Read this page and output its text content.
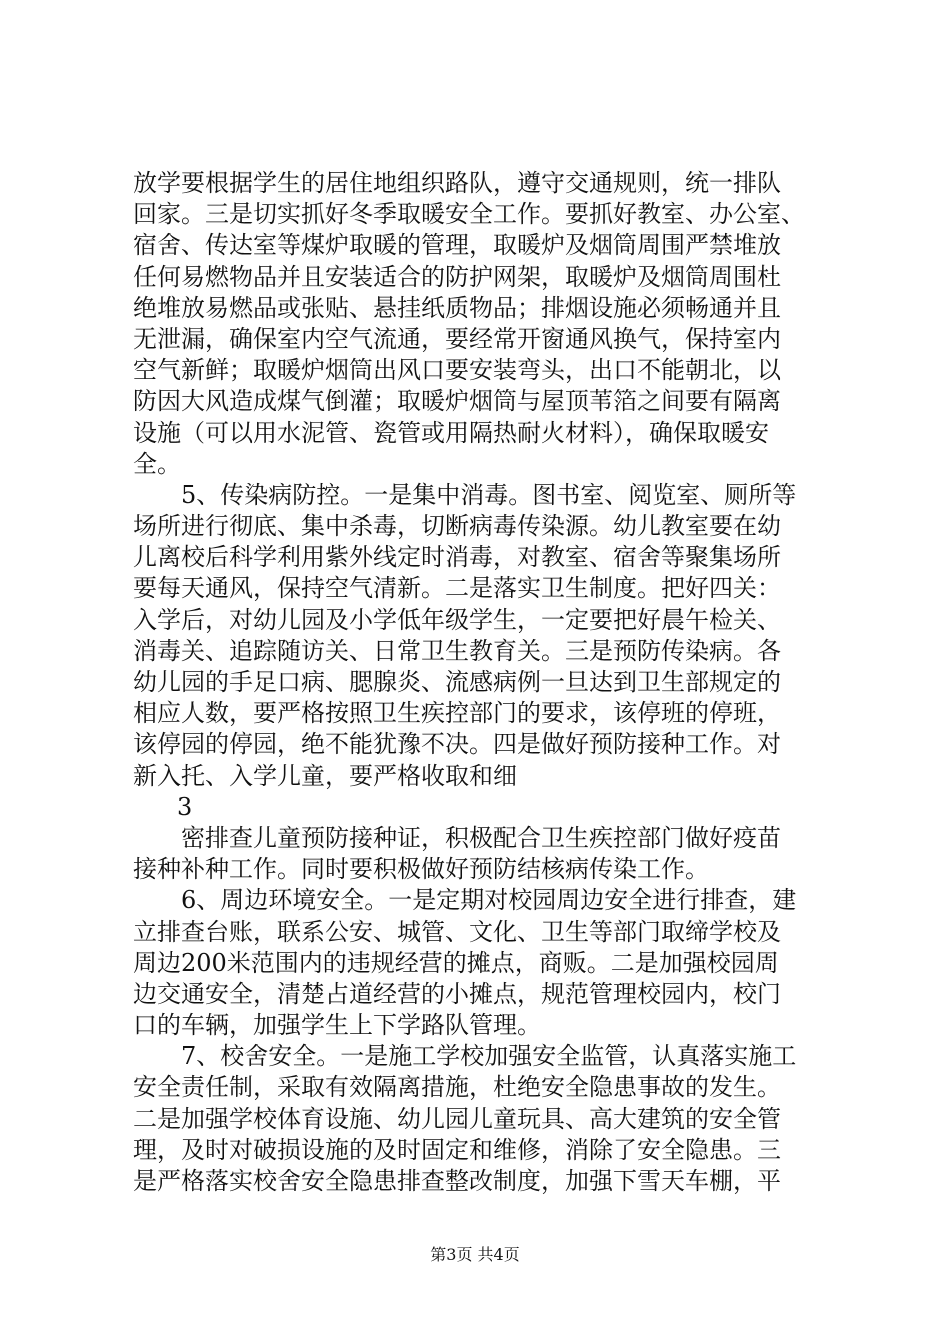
放学要根据学生的居住地组织路队，遵守交通规则，统一排队
回家。三是切实抓好冬季取暖安全工作。要抓好教室、办公室、
宿舍、传达室等煤炉取暖的管理，取暖炉及烟筒周围严禁堆放
任何易燃物品并且安装适合的防护网架，取暖炉及烟筒周围杜
绝堆放易燃品或张贴、悬挂纸质物品；排烟设施必须畅通并且
无泄漏，确保室内空气流通，要经常开窗通风换气，保持室内
空气新鲜；取暖炉烟筒出风口要安装弯头，出口不能朝北，以
防因大风造成煤气倒灌；取暖炉烟筒与屋顶苇箔之间要有隔离
设施（可以用水泥管、瓷管或用隔热耐火材料），确保取暖安
全。
5、传染病防控。一是集中消毒。图书室、阅览室、厕所等
场所进行彻底、集中杀毒，切断病毒传染源。幼儿教室要在幼
儿离校后科学利用紫外线定时消毒，对教室、宿舍等聚集场所
要每天通风，保持空气清新。二是落实卫生制度。把好四关：
入学后，对幼儿园及小学低年级学生，一定要把好晨午检关、
消毒关、追踪随访关、日常卫生教育关。三是预防传染病。各
幼儿园的手足口病、腮腺炎、流感病例一旦达到卫生部规定的
相应人数，要严格按照卫生疾控部门的要求，该停班的停班，
该停园的停园，绝不能犹豫不决。四是做好预防接种工作。对
新入托、入学儿童，要严格收取和细
3
密排查儿童预防接种证，积极配合卫生疾控部门做好疫苗
接种补种工作。同时要积极做好预防结核病传染工作。
6、周边环境安全。一是定期对校园周边安全进行排查，建
立排查台账，联系公安、城管、文化、卫生等部门取缔学校及
周边200米范围内的违规经营的摊点，商贩。二是加强校园周
边交通安全，清楚占道经营的小摊点，规范管理校园内，校门
口的车辆，加强学生上下学路队管理。
7、校舍安全。一是施工学校加强安全监管，认真落实施工
安全责任制，采取有效隔离措施，杜绝安全隐患事故的发生。
二是加强学校体育设施、幼儿园儿童玩具、高大建筑的安全管
理，及时对破损设施的及时固定和维修，消除了安全隐患。三
是严格落实校舍安全隐患排查整改制度，加强下雪天车棚，平
第3页 共4页
